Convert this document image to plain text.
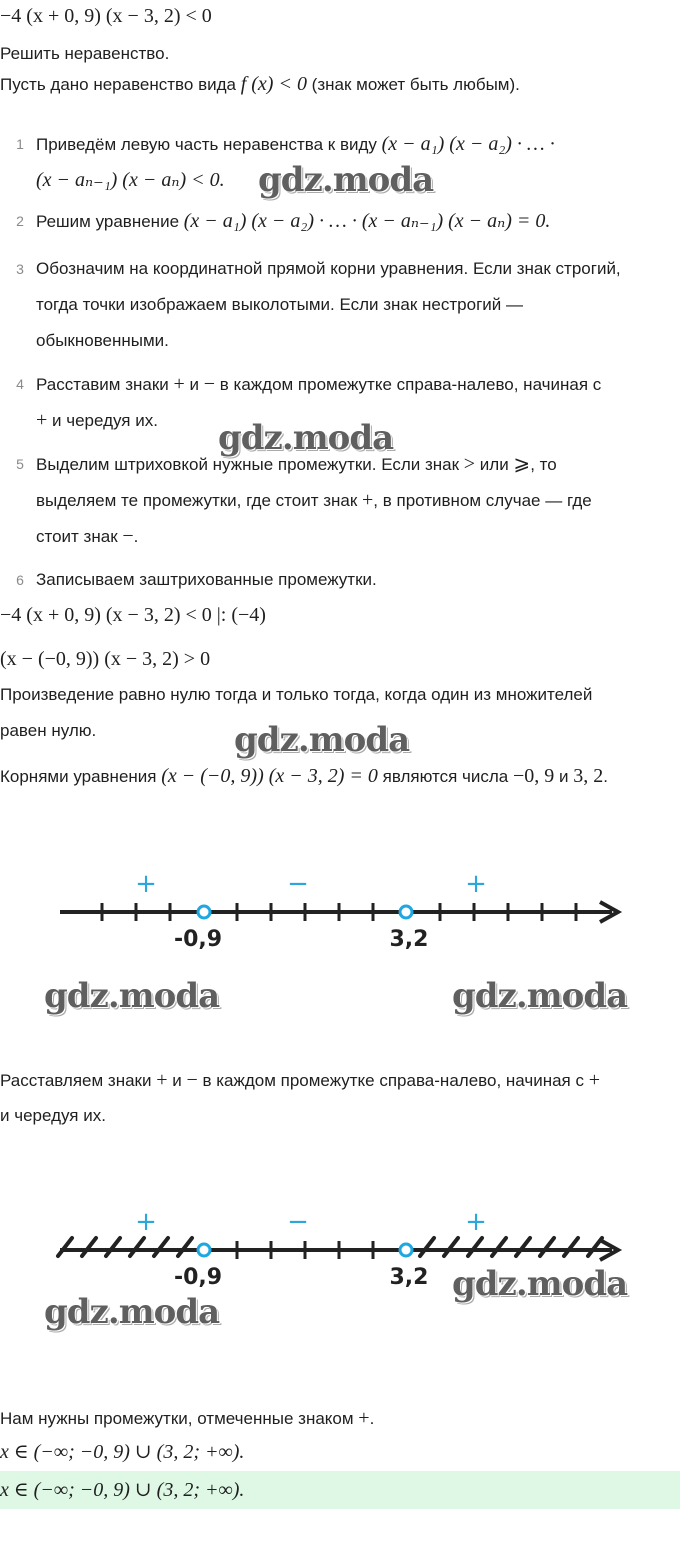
−4 (x + 0, 9) (x − 3, 2) < 0
Решить неравенство.
Пусть дано неравенство вида f (x) < 0 (знак может быть любым).
1 Приведём левую часть неравенства к виду (x − a₁) (x − a₂) · … ·
(x − aₙ₋₁) (x − aₙ) < 0.
2 Решим уравнение (x − a₁) (x − a₂) · … · (x − aₙ₋₁) (x − aₙ) = 0.
3 Обозначим на координатной прямой корни уравнения. Если знак строгий,
тогда точки изображаем выколотыми. Если знак нестрогий —
обыкновенными.
4 Расставим знаки + и − в каждом промежутке справа-налево, начиная с
+ и чередуя их.
5 Выделим штриховкой нужные промежутки. Если знак > или ⩾, то
выделяем те промежутки, где стоит знак +, в противном случае — где
стоит знак −.
6 Записываем заштрихованные промежутки.
−4 (x + 0, 9) (x − 3, 2) < 0 |: (−4)
(x − (−0, 9)) (x − 3, 2) > 0
Произведение равно нулю тогда и только тогда, когда один из множителей
равен нулю.
Корнями уравнения (x − (−0, 9)) (x − 3, 2) = 0 являются числа −0, 9 и 3, 2.
+	−	+
-0,9	3,2
Расставляем знаки + и − в каждом промежутке справа-налево, начиная с +
и чередуя их.
+	−	+
-0,9	3,2
Нам нужны промежутки, отмеченные знаком +.
x ∈ (−∞; −0, 9) ∪ (3, 2; +∞).
x ∈ (−∞; −0, 9) ∪ (3, 2; +∞).
gdz.moda
gdz.moda
gdz.moda
gdz.moda	gdz.moda
gdz.moda
gdz.moda
